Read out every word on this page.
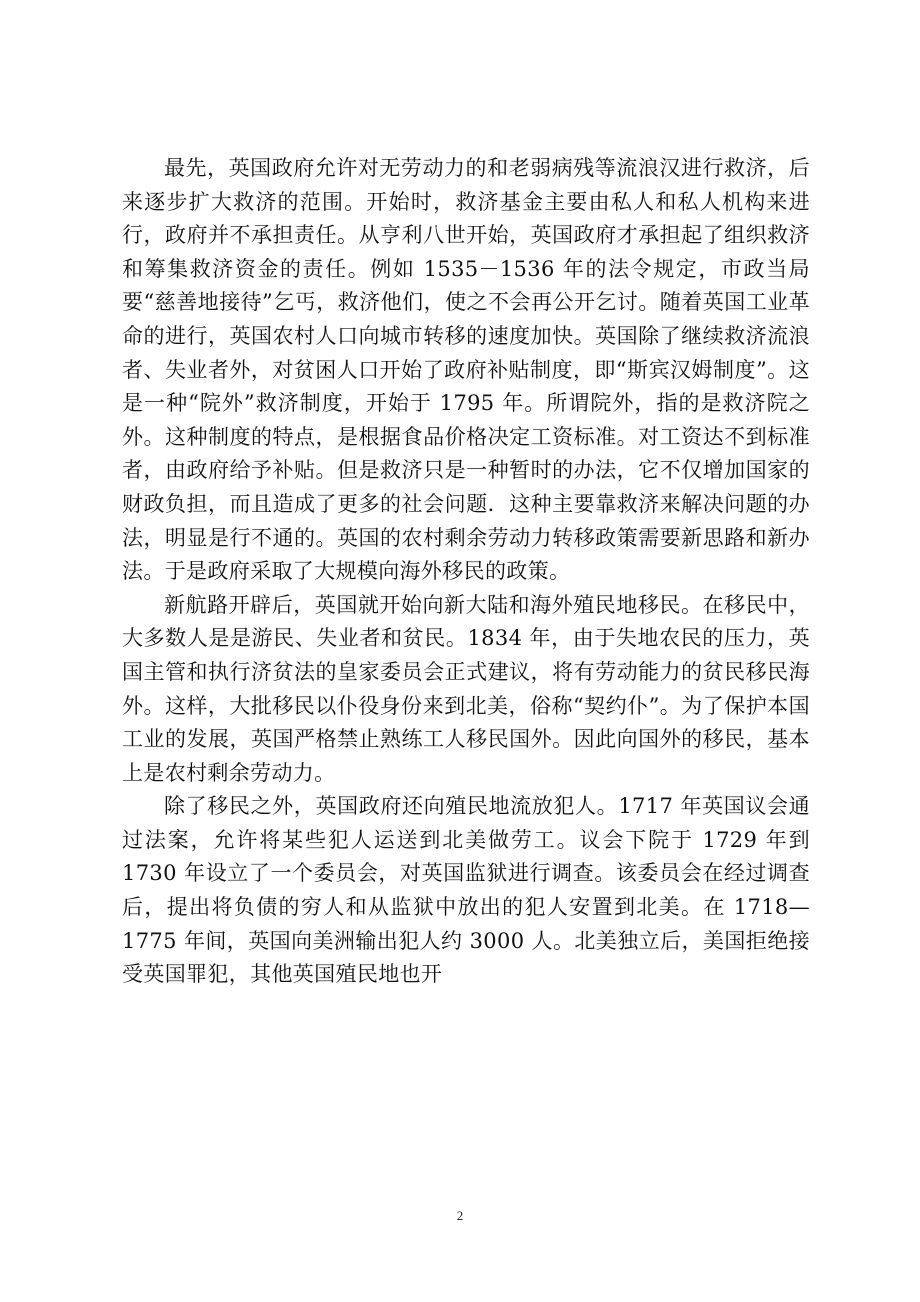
最先，英国政府允许对无劳动力的和老弱病残等流浪汉进行救济，后来逐步扩大救济的范围。开始时，救济基金主要由私人和私人机构来进行，政府并不承担责任。从亨利八世开始，英国政府才承担起了组织救济和筹集救济资金的责任。例如 1535－1536 年的法令规定，市政当局要“慈善地接待”乞丐，救济他们，使之不会再公开乞讨。随着英国工业革命的进行，英国农村人口向城市转移的速度加快。英国除了继续救济流浪者、失业者外，对贫困人口开始了政府补贴制度，即“斯宾汉姆制度”。这是一种“院外”救济制度，开始于 1795 年。所谓院外，指的是救济院之外。这种制度的特点，是根据食品价格决定工资标准。对工资达不到标准者，由政府给予补贴。但是救济只是一种暂时的办法，它不仅增加国家的财政负担，而且造成了更多的社会问题．这种主要靠救济来解决问题的办法，明显是行不通的。英国的农村剩余劳动力转移政策需要新思路和新办法。于是政府采取了大规模向海外移民的政策。

新航路开辟后，英国就开始向新大陆和海外殖民地移民。在移民中，大多数人是是游民、失业者和贫民。1834 年，由于失地农民的压力，英国主管和执行济贫法的皇家委员会正式建议，将有劳动能力的贫民移民海外。这样，大批移民以仆役身份来到北美，俗称“契约仆”。为了保护本国工业的发展，英国严格禁止熟练工人移民国外。因此向国外的移民，基本上是农村剩余劳动力。

除了移民之外，英国政府还向殖民地流放犯人。1717 年英国议会通过法案，允许将某些犯人运送到北美做劳工。议会下院于 1729 年到 1730 年设立了一个委员会，对英国监狱进行调查。该委员会在经过调查后，提出将负债的穷人和从监狱中放出的犯人安置到北美。在 1718—1775 年间，英国向美洲输出犯人约 3000 人。北美独立后，美国拒绝接受英国罪犯，其他英国殖民地也开

2
